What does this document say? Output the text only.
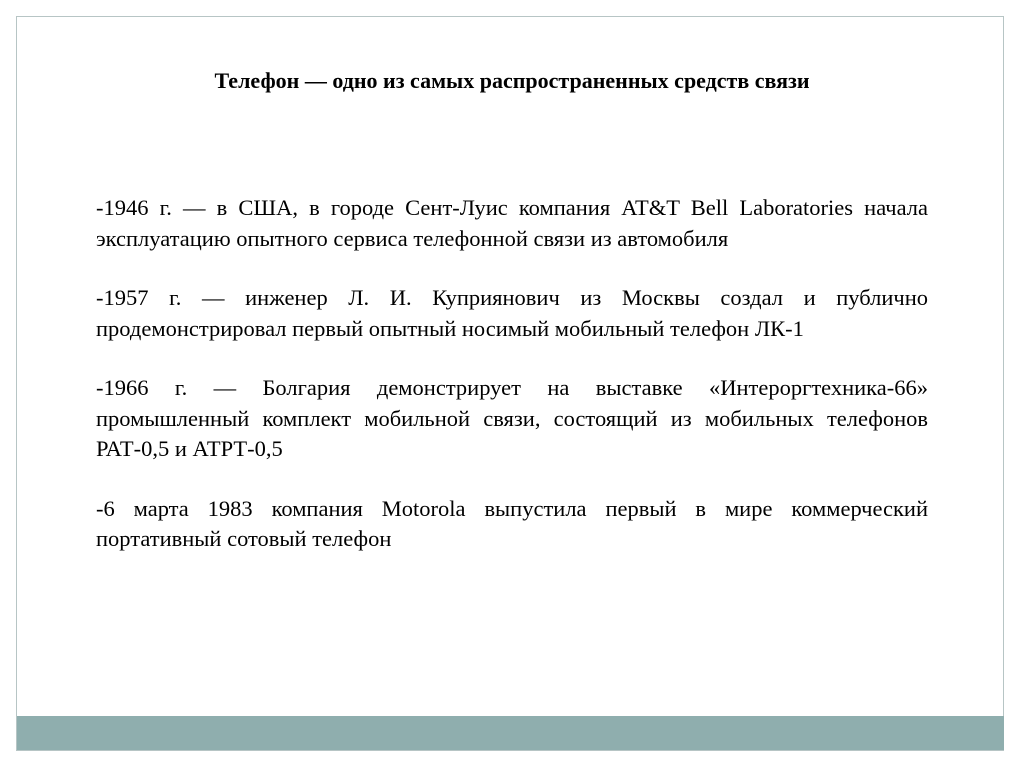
Телефон — одно из самых распространенных средств связи

-1946 г. — в США, в городе Сент-Луис компания AT&T Bell Laboratories начала эксплуатацию опытного сервиса телефонной связи из автомобиля

-1957 г. — инженер Л. И. Куприянович из Москвы создал и публично продемонстрировал первый опытный носимый мобильный телефон ЛК-1

-1966 г. — Болгария демонстрирует на выставке «Интероргтехника-66» промышленный комплект мобильной связи, состоящий из мобильных телефонов РАТ-0,5 и АТРТ-0,5

-6 марта 1983 компания Motorola выпустила первый в мире коммерческий портативный сотовый телефон
